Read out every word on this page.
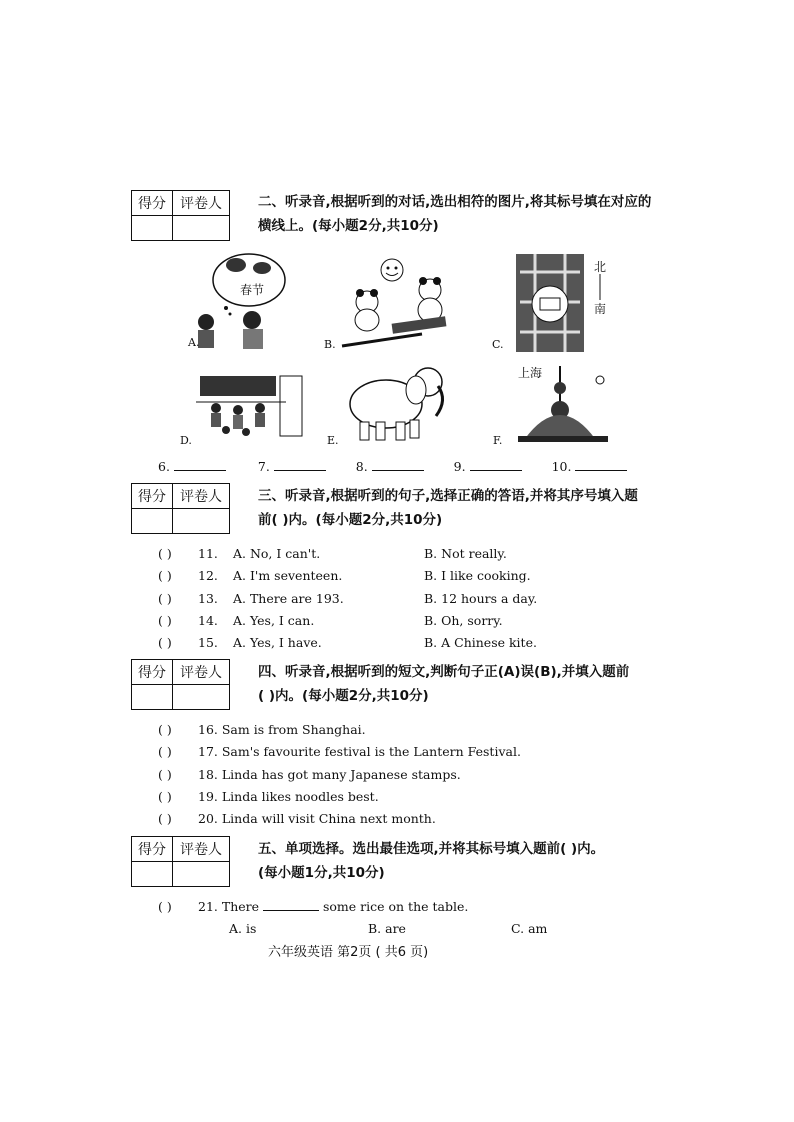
得分	评卷人
		二、听录音,根据听到的对话,选出相符的图片,将其标号填在对应的
横线上。(每小题2分,共10分)
春节
A.	B.
北
南
C.
D.	E.
上海
F.
6.	7.	8.	9.	10.
得分	评卷人
		三、听录音,根据听到的句子,选择正确的答语,并将其序号填入题
前( )内。(每小题2分,共10分)
( ) 11. A. No, I can't.	B. Not really.
( ) 12. A. I'm seventeen.	B. I like cooking.
( ) 13. A. There are 193.	B. 12 hours a day.
( ) 14. A. Yes, I can.	B. Oh, sorry.
( ) 15. A. Yes, I have.	B. A Chinese kite.
得分	评卷人
		四、听录音,根据听到的短文,判断句子正(A)误(B),并填入题前
( )内。(每小题2分,共10分)
( ) 16. Sam is from Shanghai.
( ) 17. Sam's favourite festival is the Lantern Festival.
( ) 18. Linda has got many Japanese stamps.
( ) 19. Linda likes noodles best.
( ) 20. Linda will visit China next month.
得分	评卷人
		五、单项选择。选出最佳选项,并将其标号填入题前( )内。
(每小题1分,共10分)
( ) 21. There	some rice on the table.
A. is	B. are	C. am
六年级英语 第2页 ( 共6 页)
